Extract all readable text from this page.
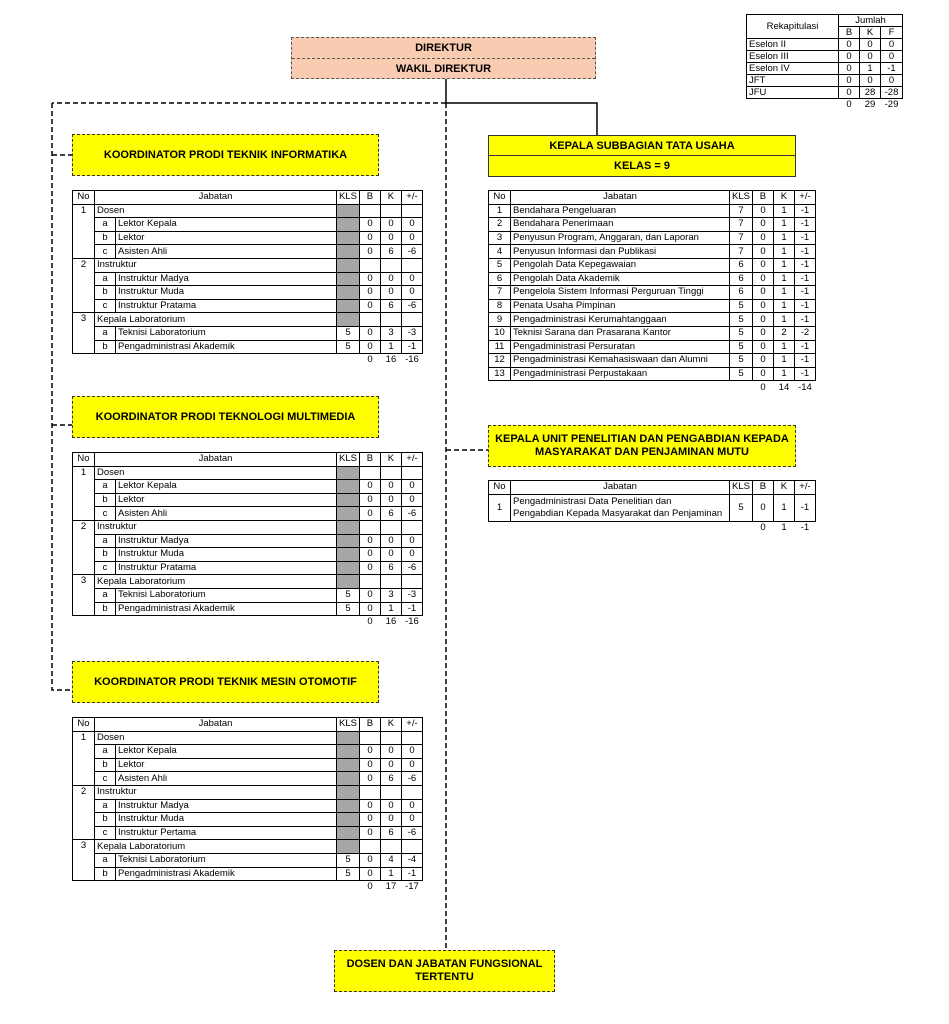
Rekapitulasi	Jumlah		
	B	K	F
Eselon II	0	0	0
Eselon III	0	0	0
Eselon IV	0	1	-1
JFT	0	0	0
JFU	0	28	-28
	0	29	-29
DIREKTUR
WAKIL DIREKTUR
KOORDINATOR PRODI TEKNIK INFORMATIKA
KOORDINATOR PRODI TEKNOLOGI MULTIMEDIA
KOORDINATOR PRODI TEKNIK MESIN OTOMOTIF
No	Jabatan		KLS	B	K	+/-
1	Dosen					
	a	Lektor Kepala		0	0	0
	b	Lektor		0	0	0
	c	Asisten Ahli		0	6	-6
2	Instruktur					
	a	Instruktur Madya		0	0	0
	b	Instruktur Muda		0	0	0
	c	Instruktur Pratama		0	6	-6
3	Kepala Laboratorium					
	a	Teknisi Laboratorium	5	0	3	-3
	b	Pengadministrasi Akademik	5	0	1	-1
				0	16	-16
No	Jabatan		KLS	B	K	+/-
1	Dosen					
	a	Lektor Kepala		0	0	0
	b	Lektor		0	0	0
	c	Asisten Ahli		0	6	-6
2	Instruktur					
	a	Instruktur Madya		0	0	0
	b	Instruktur Muda		0	0	0
	c	Instruktur Pratama		0	6	-6
3	Kepala Laboratorium					
	a	Teknisi Laboratorium	5	0	3	-3
	b	Pengadministrasi Akademik	5	0	1	-1
				0	16	-16
No	Jabatan		KLS	B	K	+/-
1	Dosen					
	a	Lektor Kepala		0	0	0
	b	Lektor		0	0	0
	c	Asisten Ahli		0	6	-6
2	Instruktur					
	a	Instruktur Madya		0	0	0
	b	Instruktur Muda		0	0	0
	c	Instruktur Pertama		0	6	-6
3	Kepala Laboratorium					
	a	Teknisi Laboratorium	5	0	4	-4
	b	Pengadministrasi Akademik	5	0	1	-1
				0	17	-17
KEPALA SUBBAGIAN TATA USAHA
KELAS = 9
No	Jabatan	KLS	B	K	+/-
1	Bendahara Pengeluaran	7	0	1	-1
2	Bendahara Penerimaan	7	0	1	-1
3	Penyusun Program, Anggaran, dan Laporan	7	0	1	-1
4	Penyusun Informasi dan Publikasi	7	0	1	-1
5	Pengolah Data Kepegawaian	6	0	1	-1
6	Pengolah Data Akademik	6	0	1	-1
7	Pengelola Sistem Informasi Perguruan Tinggi	6	0	1	-1
8	Penata Usaha Pimpinan	5	0	1	-1
9	Pengadministrasi Kerumahtanggaan	5	0	1	-1
10	Teknisi Sarana dan Prasarana Kantor	5	0	2	-2
11	Pengadministrasi Persuratan	5	0	1	-1
12	Pengadministrasi Kemahasiswaan dan Alumni	5	0	1	-1
13	Pengadministrasi Perpustakaan	5	0	1	-1
			0	14	-14
KEPALA UNIT PENELITIAN DAN PENGABDIAN KEPADA
MASYARAKAT DAN PENJAMINAN MUTU
No	Jabatan	KLS	B	K	+/-
1	Pengadministrasi Data Penelitian dan
Pengabdian Kepada Masyarakat dan Penjaminan	5	0	1	-1
			0	1	-1
DOSEN DAN JABATAN FUNGSIONAL
TERTENTU
